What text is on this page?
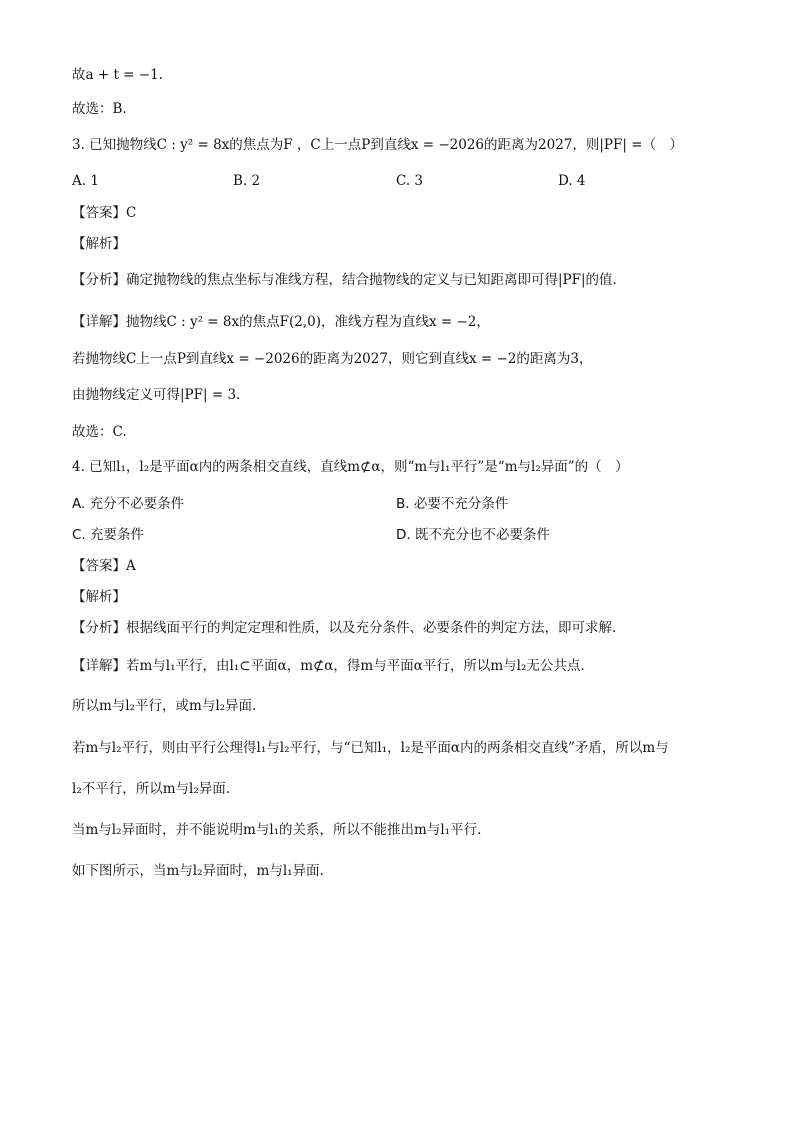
故a + t = −1.
故选：B.
3. 已知抛物线C : y² = 8x的焦点为F ，C上一点P到直线x = −2026的距离为2027，则|PF| =（　）
A. 1	B. 2	C. 3	D. 4
【答案】C
【解析】
【分析】确定抛物线的焦点坐标与准线方程，结合抛物线的定义与已知距离即可得|PF|的值.
【详解】抛物线C : y² = 8x的焦点F(2,0)，准线方程为直线x = −2，
若抛物线C上一点P到直线x = −2026的距离为2027，则它到直线x = −2的距离为3，
由抛物线定义可得|PF| = 3.
故选：C.
4. 已知l₁，l₂是平面α内的两条相交直线，直线m⊄α，则“m与l₁平行”是“m与l₂异面”的（　）
A. 充分不必要条件	B. 必要不充分条件
C. 充要条件	D. 既不充分也不必要条件
【答案】A
【解析】
【分析】根据线面平行的判定定理和性质，以及充分条件、必要条件的判定方法，即可求解.
【详解】若m与l₁平行，由l₁⊂平面α，m⊄α，得m与平面α平行，所以m与l₂无公共点.
所以m与l₂平行，或m与l₂异面.
若m与l₂平行，则由平行公理得l₁与l₂平行，与“已知l₁，l₂是平面α内的两条相交直线”矛盾，所以m与
l₂不平行，所以m与l₂异面.
当m与l₂异面时，并不能说明m与l₁的关系，所以不能推出m与l₁平行.
如下图所示，当m与l₂异面时，m与l₁异面.
